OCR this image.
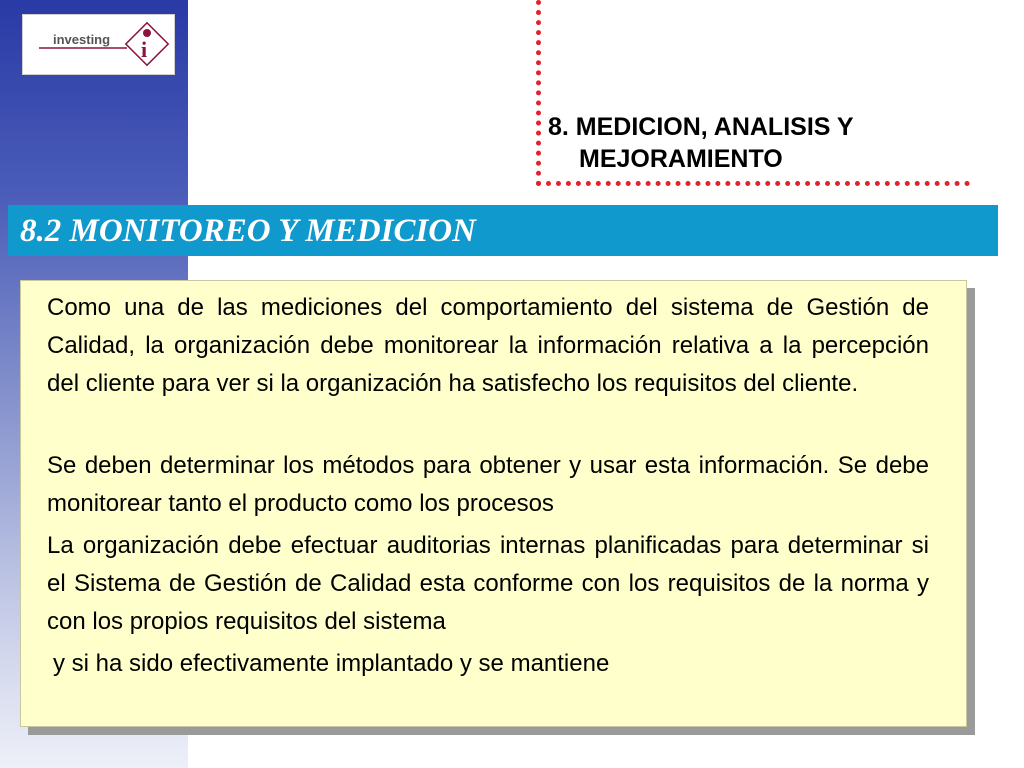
investing i
8. MEDICION, ANALISIS Y
MEJORAMIENTO
8.2 MONITOREO Y MEDICION
Como una de las mediciones del comportamiento del sistema de Gestión de Calidad, la organización debe monitorear la información relativa a la percepción del cliente para ver si la organización ha satisfecho los requisitos del cliente.
Se deben determinar los métodos para obtener y usar esta información. Se debe monitorear tanto el producto como los procesos
La organización debe efectuar auditorias internas planificadas para determinar si el Sistema de Gestión de Calidad esta conforme con los requisitos de la norma y con los propios requisitos del sistema
y si ha sido efectivamente implantado y se mantiene
